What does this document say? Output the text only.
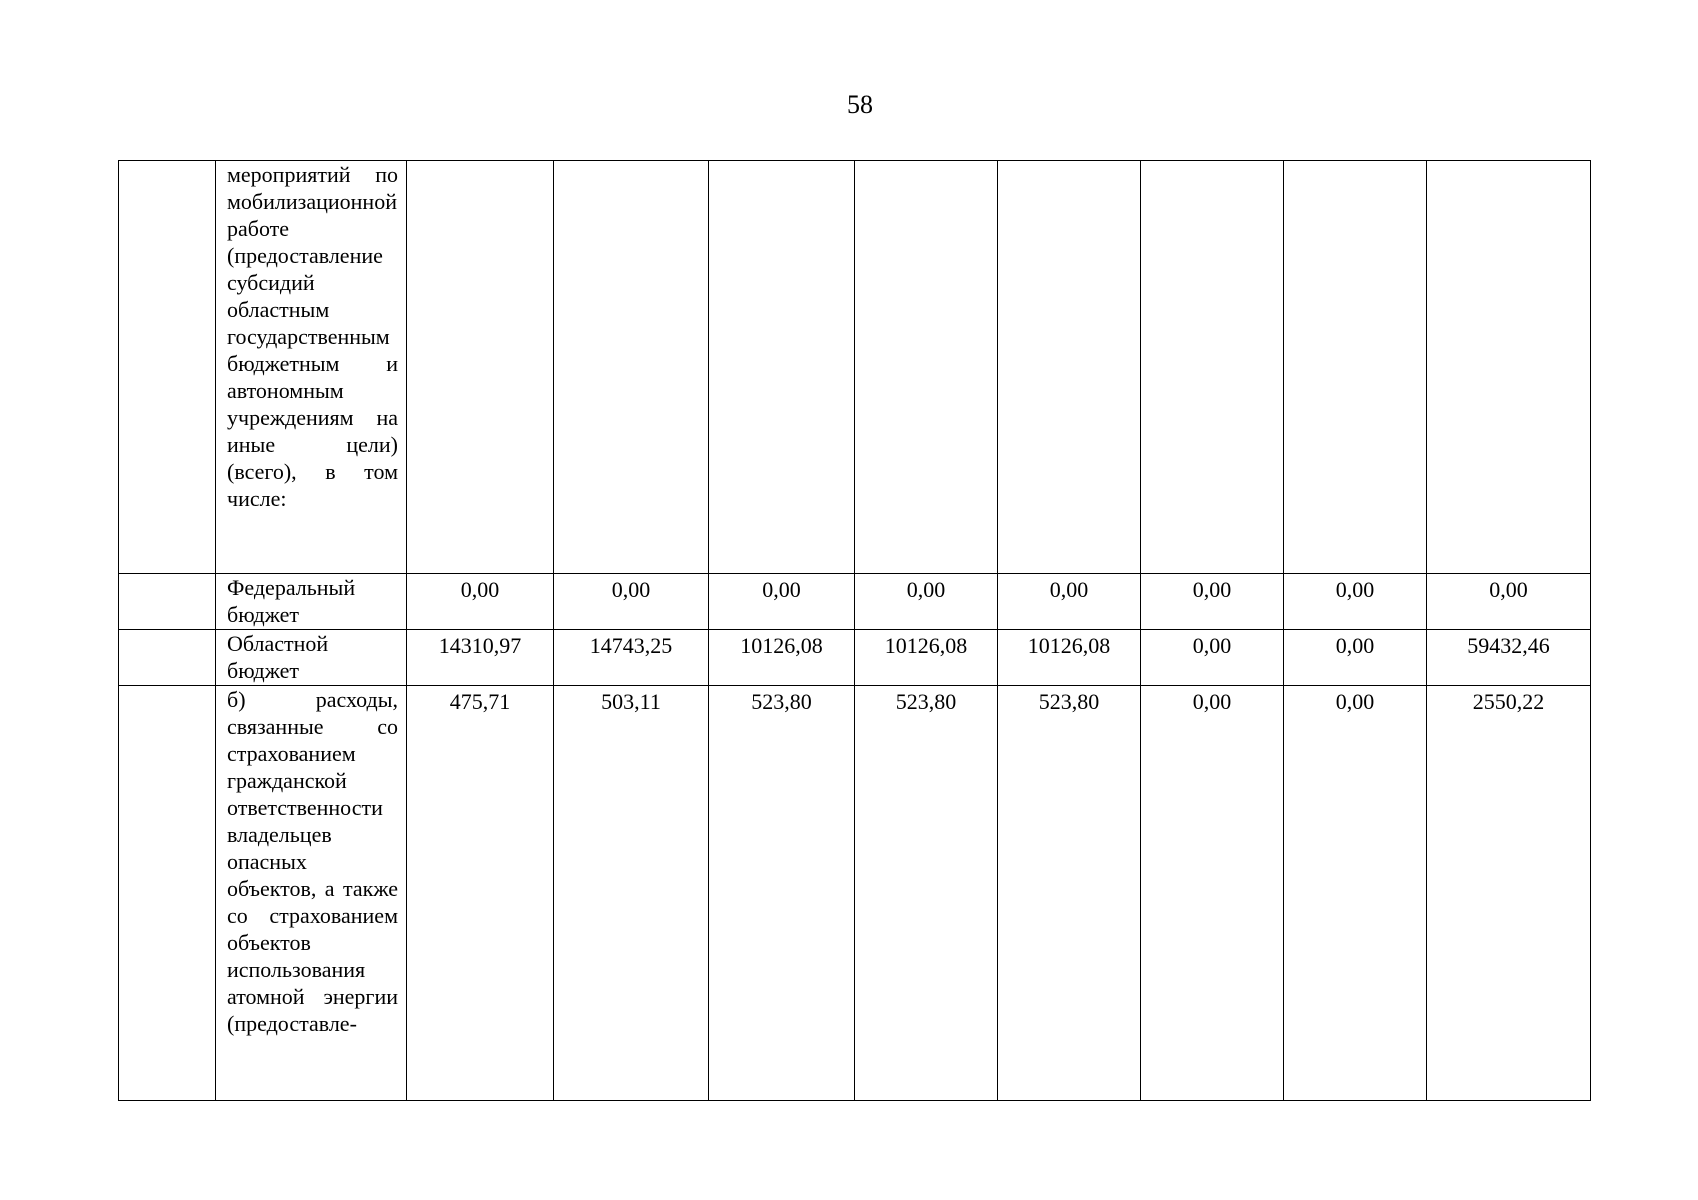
58

	мероприятий по мобилизационной работе (предоставление субсидий областным государственным бюджетным и автономным учреждениям на иные цели) (всего), в том числе:								

	Федеральный бюджет	0,00	0,00	0,00	0,00	0,00	0,00	0,00	0,00

	Областной бюджет	14310,97	14743,25	10126,08	10126,08	10126,08	0,00	0,00	59432,46

	б) расходы, связанные со страхованием гражданской ответственности владельцев опасных объектов, а также со страхованием объектов использования атомной энергии (предоставле-	475,71	503,11	523,80	523,80	523,80	0,00	0,00	2550,22
